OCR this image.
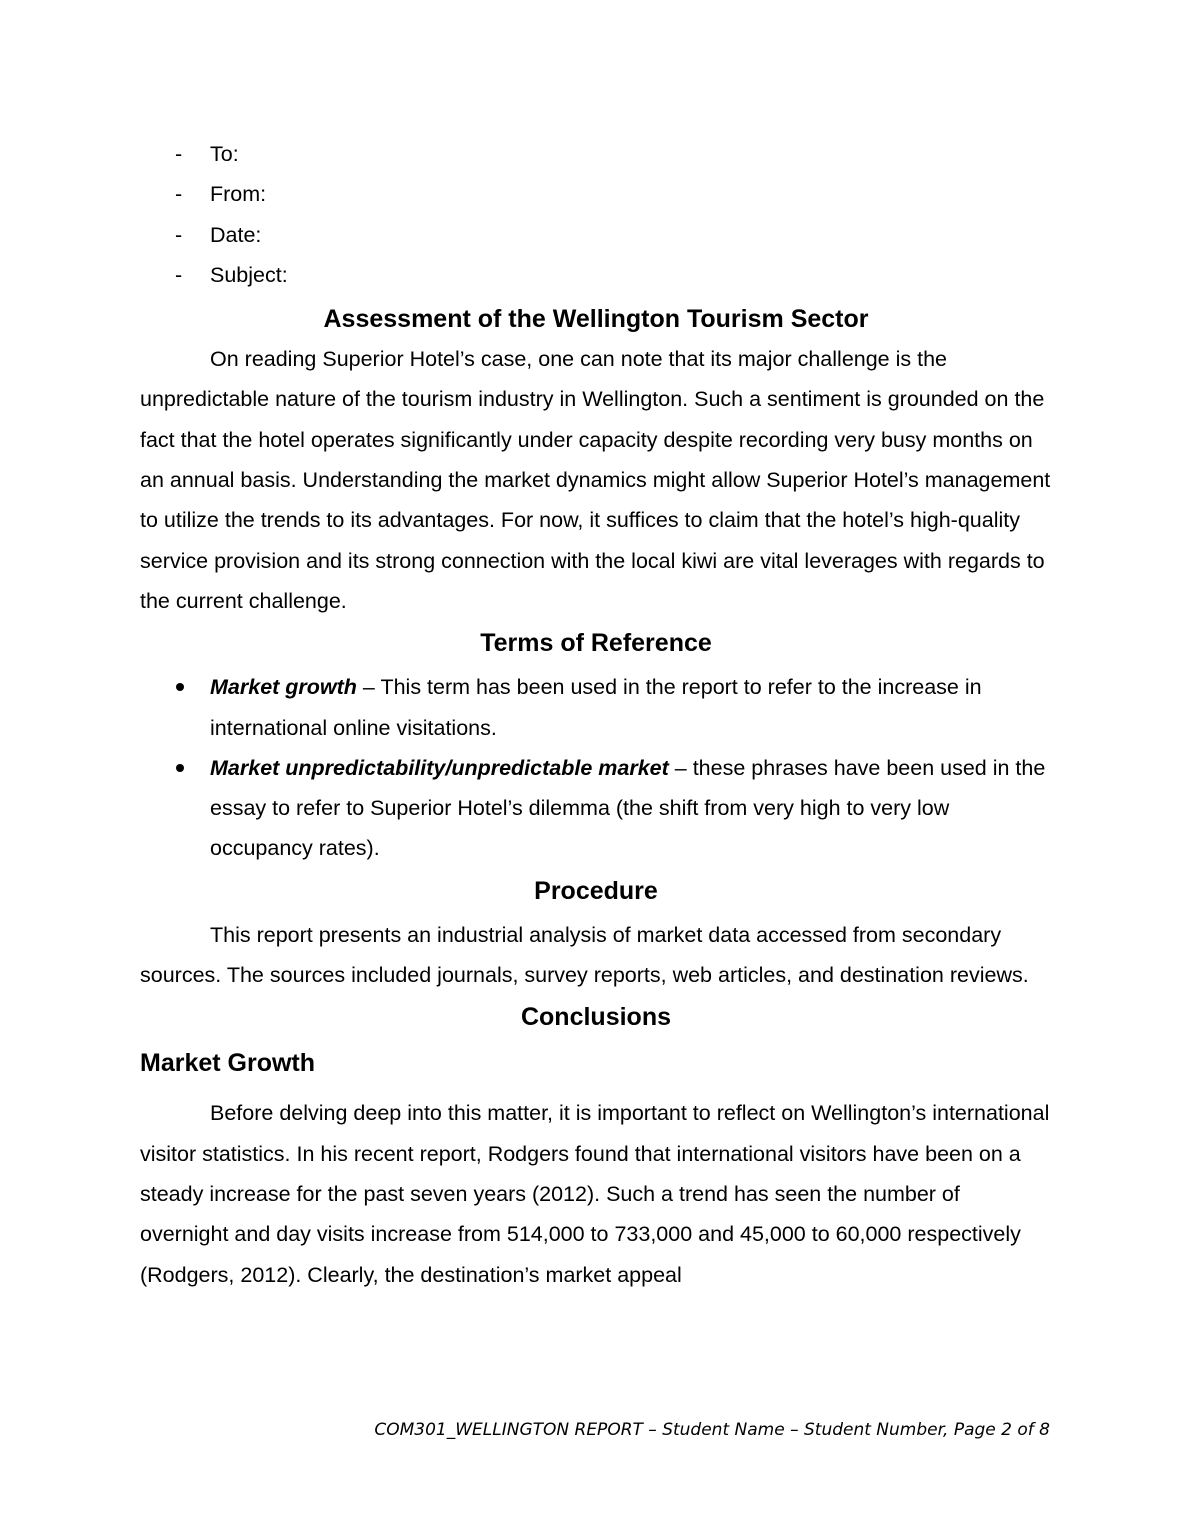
- To:
- From:
- Date:
- Subject:
Assessment of the Wellington Tourism Sector

On reading Superior Hotel’s case, one can note that its major challenge is the unpredictable nature of the tourism industry in Wellington. Such a sentiment is grounded on the fact that the hotel operates significantly under capacity despite recording very busy months on an annual basis. Understanding the market dynamics might allow Superior Hotel’s management to utilize the trends to its advantages. For now, it suffices to claim that the hotel’s high-quality service provision and its strong connection with the local kiwi are vital leverages with regards to the current challenge.

Terms of Reference
Market growth – This term has been used in the report to refer to the increase in international online visitations.
Market unpredictability/unpredictable market – these phrases have been used in the essay to refer to Superior Hotel’s dilemma (the shift from very high to very low occupancy rates).
Procedure

This report presents an industrial analysis of market data accessed from secondary sources. The sources included journals, survey reports, web articles, and destination reviews.

Conclusions
Market Growth

Before delving deep into this matter, it is important to reflect on Wellington’s international visitor statistics. In his recent report, Rodgers found that international visitors have been on a steady increase for the past seven years (2012). Such a trend has seen the number of overnight and day visits increase from 514,000 to 733,000 and 45,000 to 60,000 respectively (Rodgers, 2012). Clearly, the destination’s market appeal

COM301_WELLINGTON REPORT – Student Name – Student Number, Page 2 of 8
